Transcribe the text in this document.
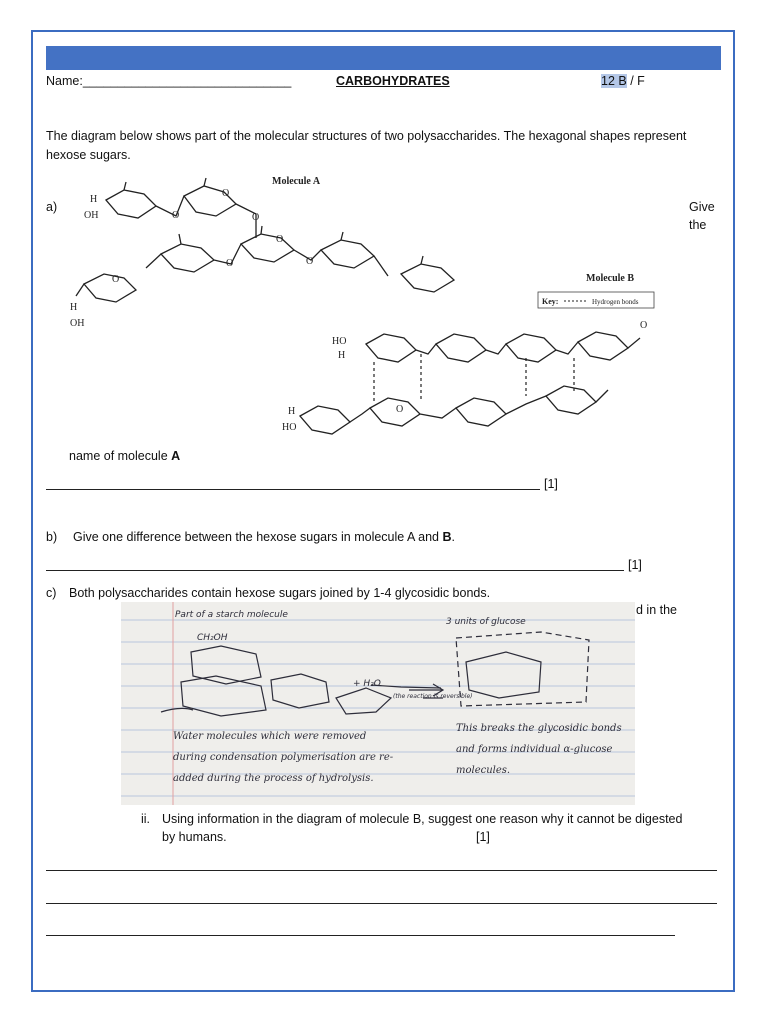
Name:______________________________	CARBOHYDRATES	12 B / F
The diagram below shows part of the molecular structures of two polysaccharides. The hexagonal shapes represent hexose sugars.
a)	Give
the
Molecule A
Molecule B
H
OH
O
O	O
O
O	O
O
H
OH
HO
H
H
HO
O
O
Key:	Hydrogen bonds
name of molecule A
[1]
b) Give one difference between the hexose sugars in molecule A and B.
[1]
c) Both polysaccharides contain hexose sugars joined by 1-4 glycosidic bonds.
d in the
Part of a starch molecule
3 units of glucose
CH₂OH
+ H₂O
(the reaction is reversible)
Water molecules which were removed during condensation polymerisation are re-added during the process of hydrolysis.
This breaks the glycosidic bonds and forms individual α-glucose molecules.
ii. Using information in the diagram of molecule B, suggest one reason why it cannot be digested
by humans.	[1]
